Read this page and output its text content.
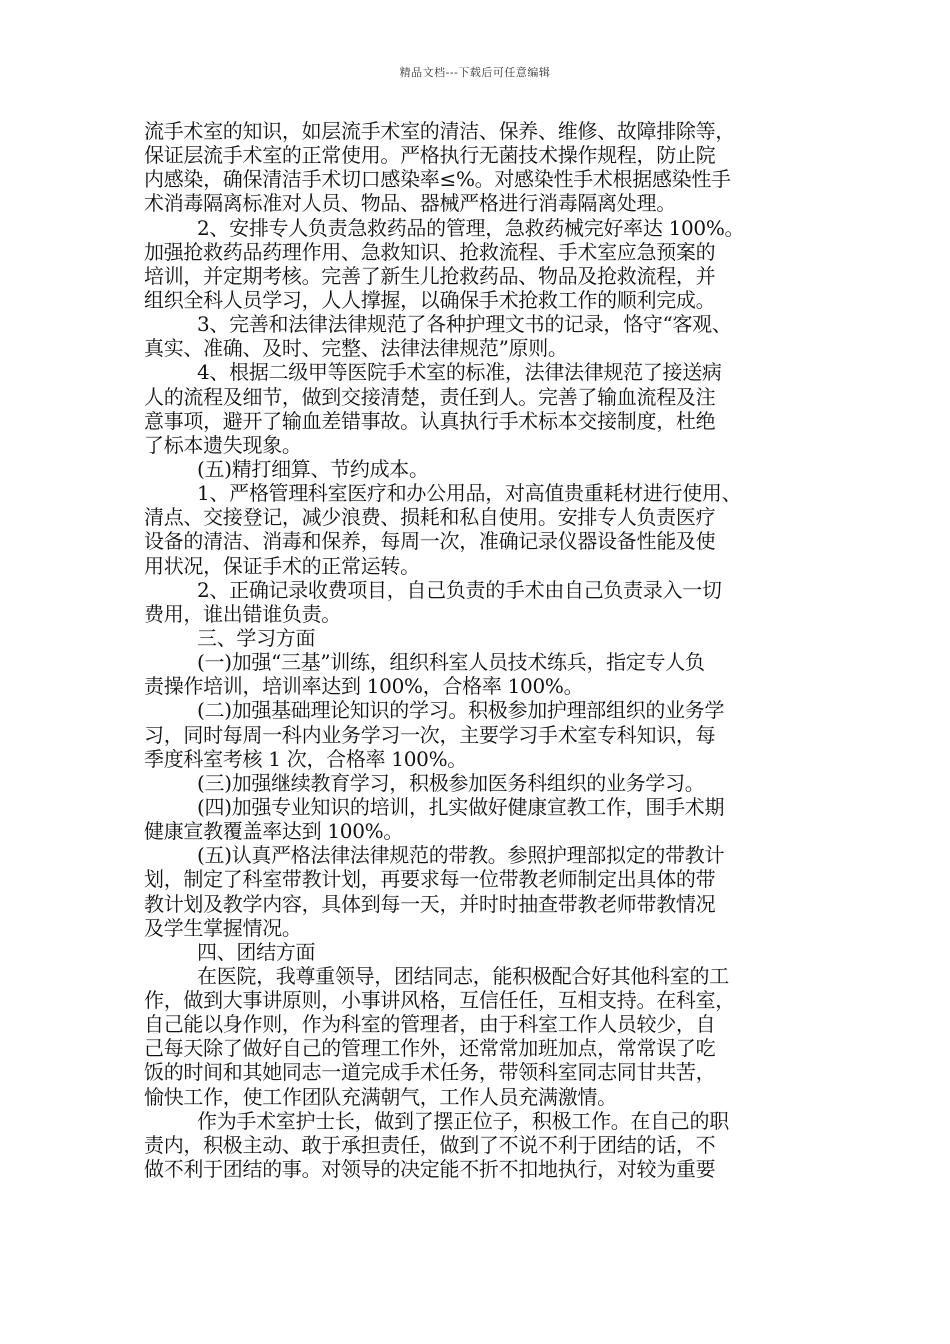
精品文档---下载后可任意编辑
流手术室的知识，如层流手术室的清洁、保养、维修、故障排除等，
保证层流手术室的正常使用。严格执行无菌技术操作规程，防止院
内感染，确保清洁手术切口感染率≤%。对感染性手术根据感染性手
术消毒隔离标准对人员、物品、器械严格进行消毒隔离处理。
2、安排专人负责急救药品的管理，急救药械完好率达 100%。
加强抢救药品药理作用、急救知识、抢救流程、手术室应急预案的
培训，并定期考核。完善了新生儿抢救药品、物品及抢救流程，并
组织全科人员学习，人人撑握，以确保手术抢救工作的顺利完成。
3、完善和法律法律规范了各种护理文书的记录，恪守“客观、
真实、准确、及时、完整、法律法律规范”原则。
4、根据二级甲等医院手术室的标准，法律法律规范了接送病
人的流程及细节，做到交接清楚，责任到人。完善了输血流程及注
意事项，避开了输血差错事故。认真执行手术标本交接制度，杜绝
了标本遗失现象。
(五)精打细算、节约成本。
1、严格管理科室医疗和办公用品，对高值贵重耗材进行使用、
清点、交接登记，减少浪费、损耗和私自使用。安排专人负责医疗
设备的清洁、消毒和保养，每周一次，准确记录仪器设备性能及使
用状况，保证手术的正常运转。
2、正确记录收费项目，自己负责的手术由自己负责录入一切
费用，谁出错谁负责。
三、学习方面
(一)加强“三基”训练，组织科室人员技术练兵，指定专人负
责操作培训，培训率达到 100%，合格率 100%。
(二)加强基础理论知识的学习。积极参加护理部组织的业务学
习，同时每周一科内业务学习一次，主要学习手术室专科知识，每
季度科室考核 1 次，合格率 100%。
(三)加强继续教育学习，积极参加医务科组织的业务学习。
(四)加强专业知识的培训，扎实做好健康宣教工作，围手术期
健康宣教覆盖率达到 100%。
(五)认真严格法律法律规范的带教。参照护理部拟定的带教计
划，制定了科室带教计划，再要求每一位带教老师制定出具体的带
教计划及教学内容，具体到每一天，并时时抽查带教老师带教情况
及学生掌握情况。
四、团结方面
在医院，我尊重领导，团结同志，能积极配合好其他科室的工
作，做到大事讲原则，小事讲风格，互信任任，互相支持。在科室，
自己能以身作则，作为科室的管理者，由于科室工作人员较少，自
己每天除了做好自己的管理工作外，还常常加班加点，常常误了吃
饭的时间和其她同志一道完成手术任务，带领科室同志同甘共苦，
愉快工作，使工作团队充满朝气，工作人员充满激情。
作为手术室护士长，做到了摆正位子，积极工作。在自己的职
责内，积极主动、敢于承担责任，做到了不说不利于团结的话，不
做不利于团结的事。对领导的决定能不折不扣地执行，对较为重要
